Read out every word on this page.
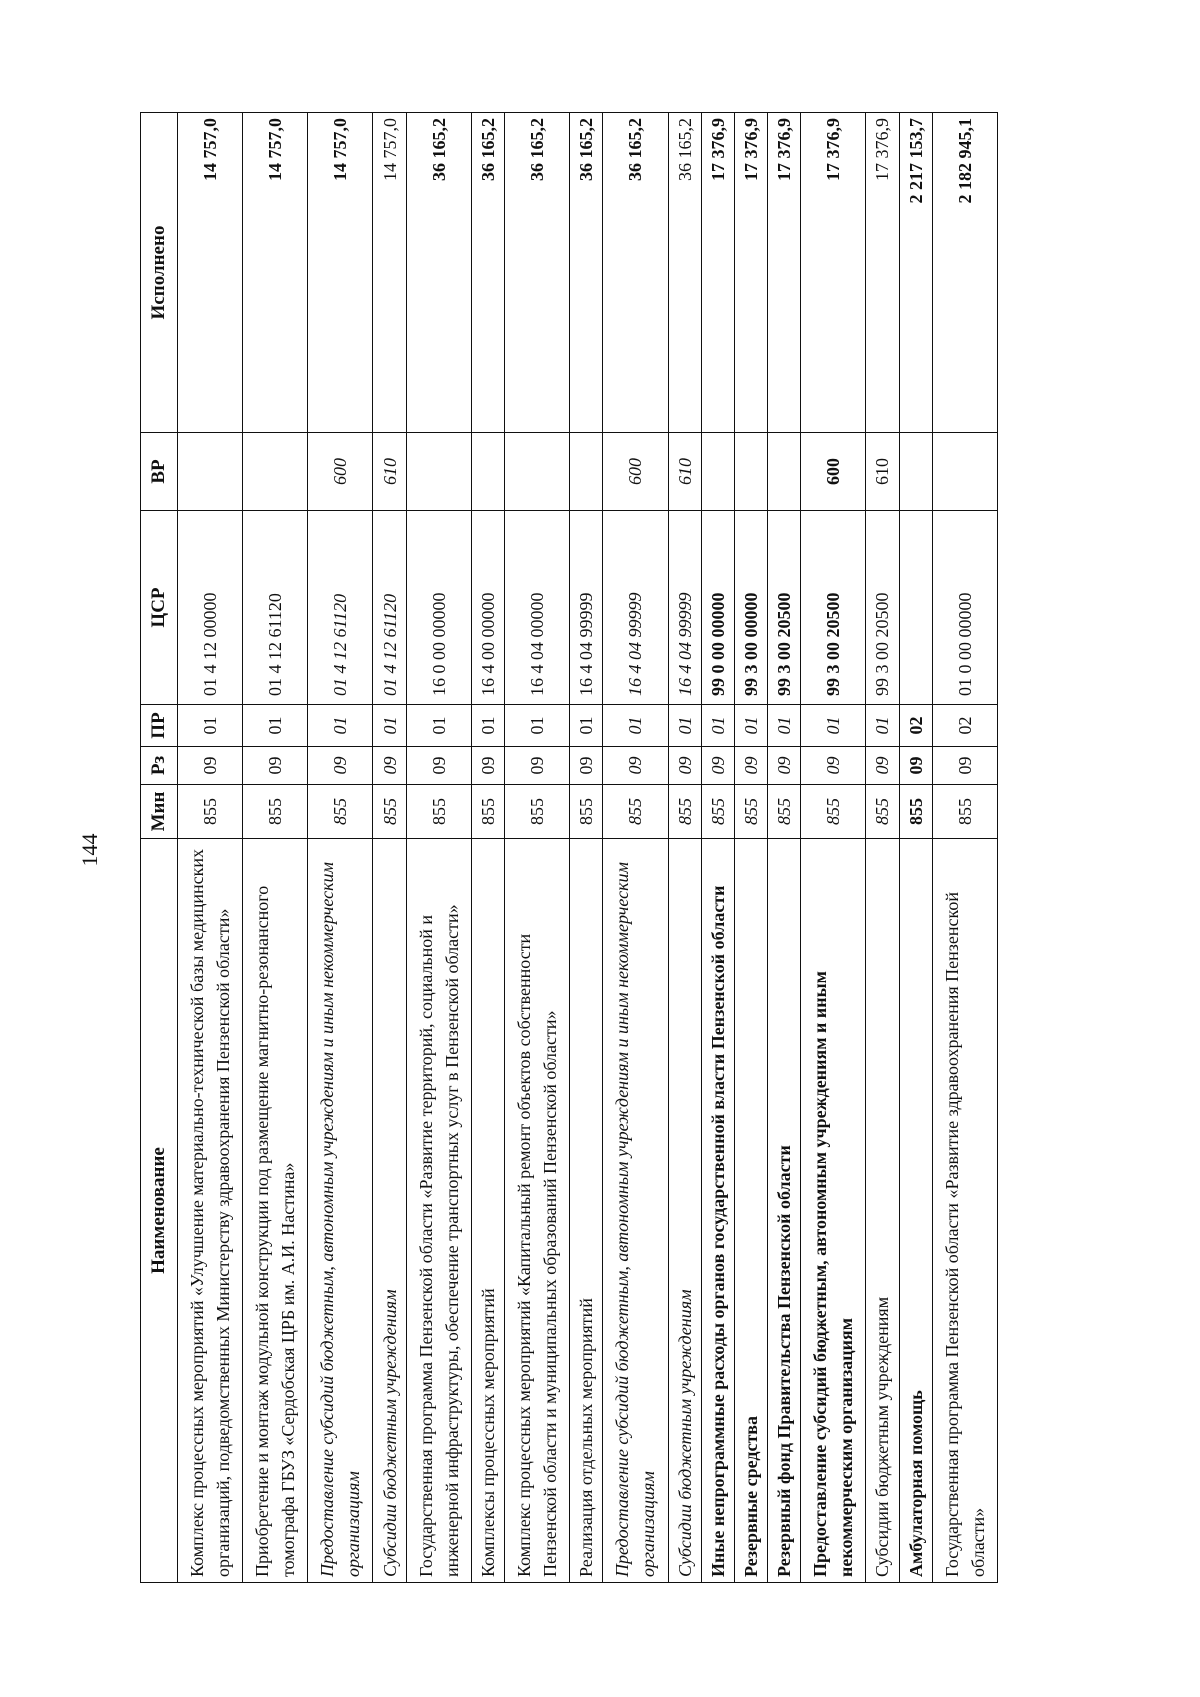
144
Наименование	Мин	Рз	ПР	ЦСР	ВР	Исполнено
Комплекс процессных мероприятий «Улучшение материально-технической базы медицинских организаций, подведомственных Министерству здравоохранения Пензенской области»	855	09	01	01 4 12 00000		14 757,0
Приобретение и монтаж модульной конструкции под размещение магнитно-резонансного томографа ГБУЗ «Сердобская ЦРБ им. А.И. Настина»	855	09	01	01 4 12 61120		14 757,0
Предоставление субсидий бюджетным, автономным учреждениям и иным некоммерческим организациям	855	09	01	01 4 12 61120	600	14 757,0
Субсидии бюджетным учреждениям	855	09	01	01 4 12 61120	610	14 757,0
Государственная программа Пензенской области «Развитие территорий, социальной и инженерной инфраструктуры, обеспечение транспортных услуг в Пензенской области»	855	09	01	16 0 00 00000		36 165,2
Комплексы процессных мероприятий	855	09	01	16 4 00 00000		36 165,2
Комплекс процессных мероприятий «Капитальный ремонт объектов собственности Пензенской области и муниципальных образований Пензенской области»	855	09	01	16 4 04 00000		36 165,2
Реализация отдельных мероприятий	855	09	01	16 4 04 99999		36 165,2
Предоставление субсидий бюджетным, автономным учреждениям и иным некоммерческим организациям	855	09	01	16 4 04 99999	600	36 165,2
Субсидии бюджетным учреждениям	855	09	01	16 4 04 99999	610	36 165,2
Иные непрограммные расходы органов государственной власти Пензенской области	855	09	01	99 0 00 00000		17 376,9
Резервные средства	855	09	01	99 3 00 00000		17 376,9
Резервный фонд Правительства Пензенской области	855	09	01	99 3 00 20500		17 376,9
Предоставление субсидий бюджетным, автономным учреждениям и иным некоммерческим организациям	855	09	01	99 3 00 20500	600	17 376,9
Субсидии бюджетным учреждениям	855	09	01	99 3 00 20500	610	17 376,9
Амбулаторная помощь	855	09	02			2 217 153,7
Государственная программа Пензенской области «Развитие здравоохранения Пензенской области»	855	09	02	01 0 00 00000		2 182 945,1
